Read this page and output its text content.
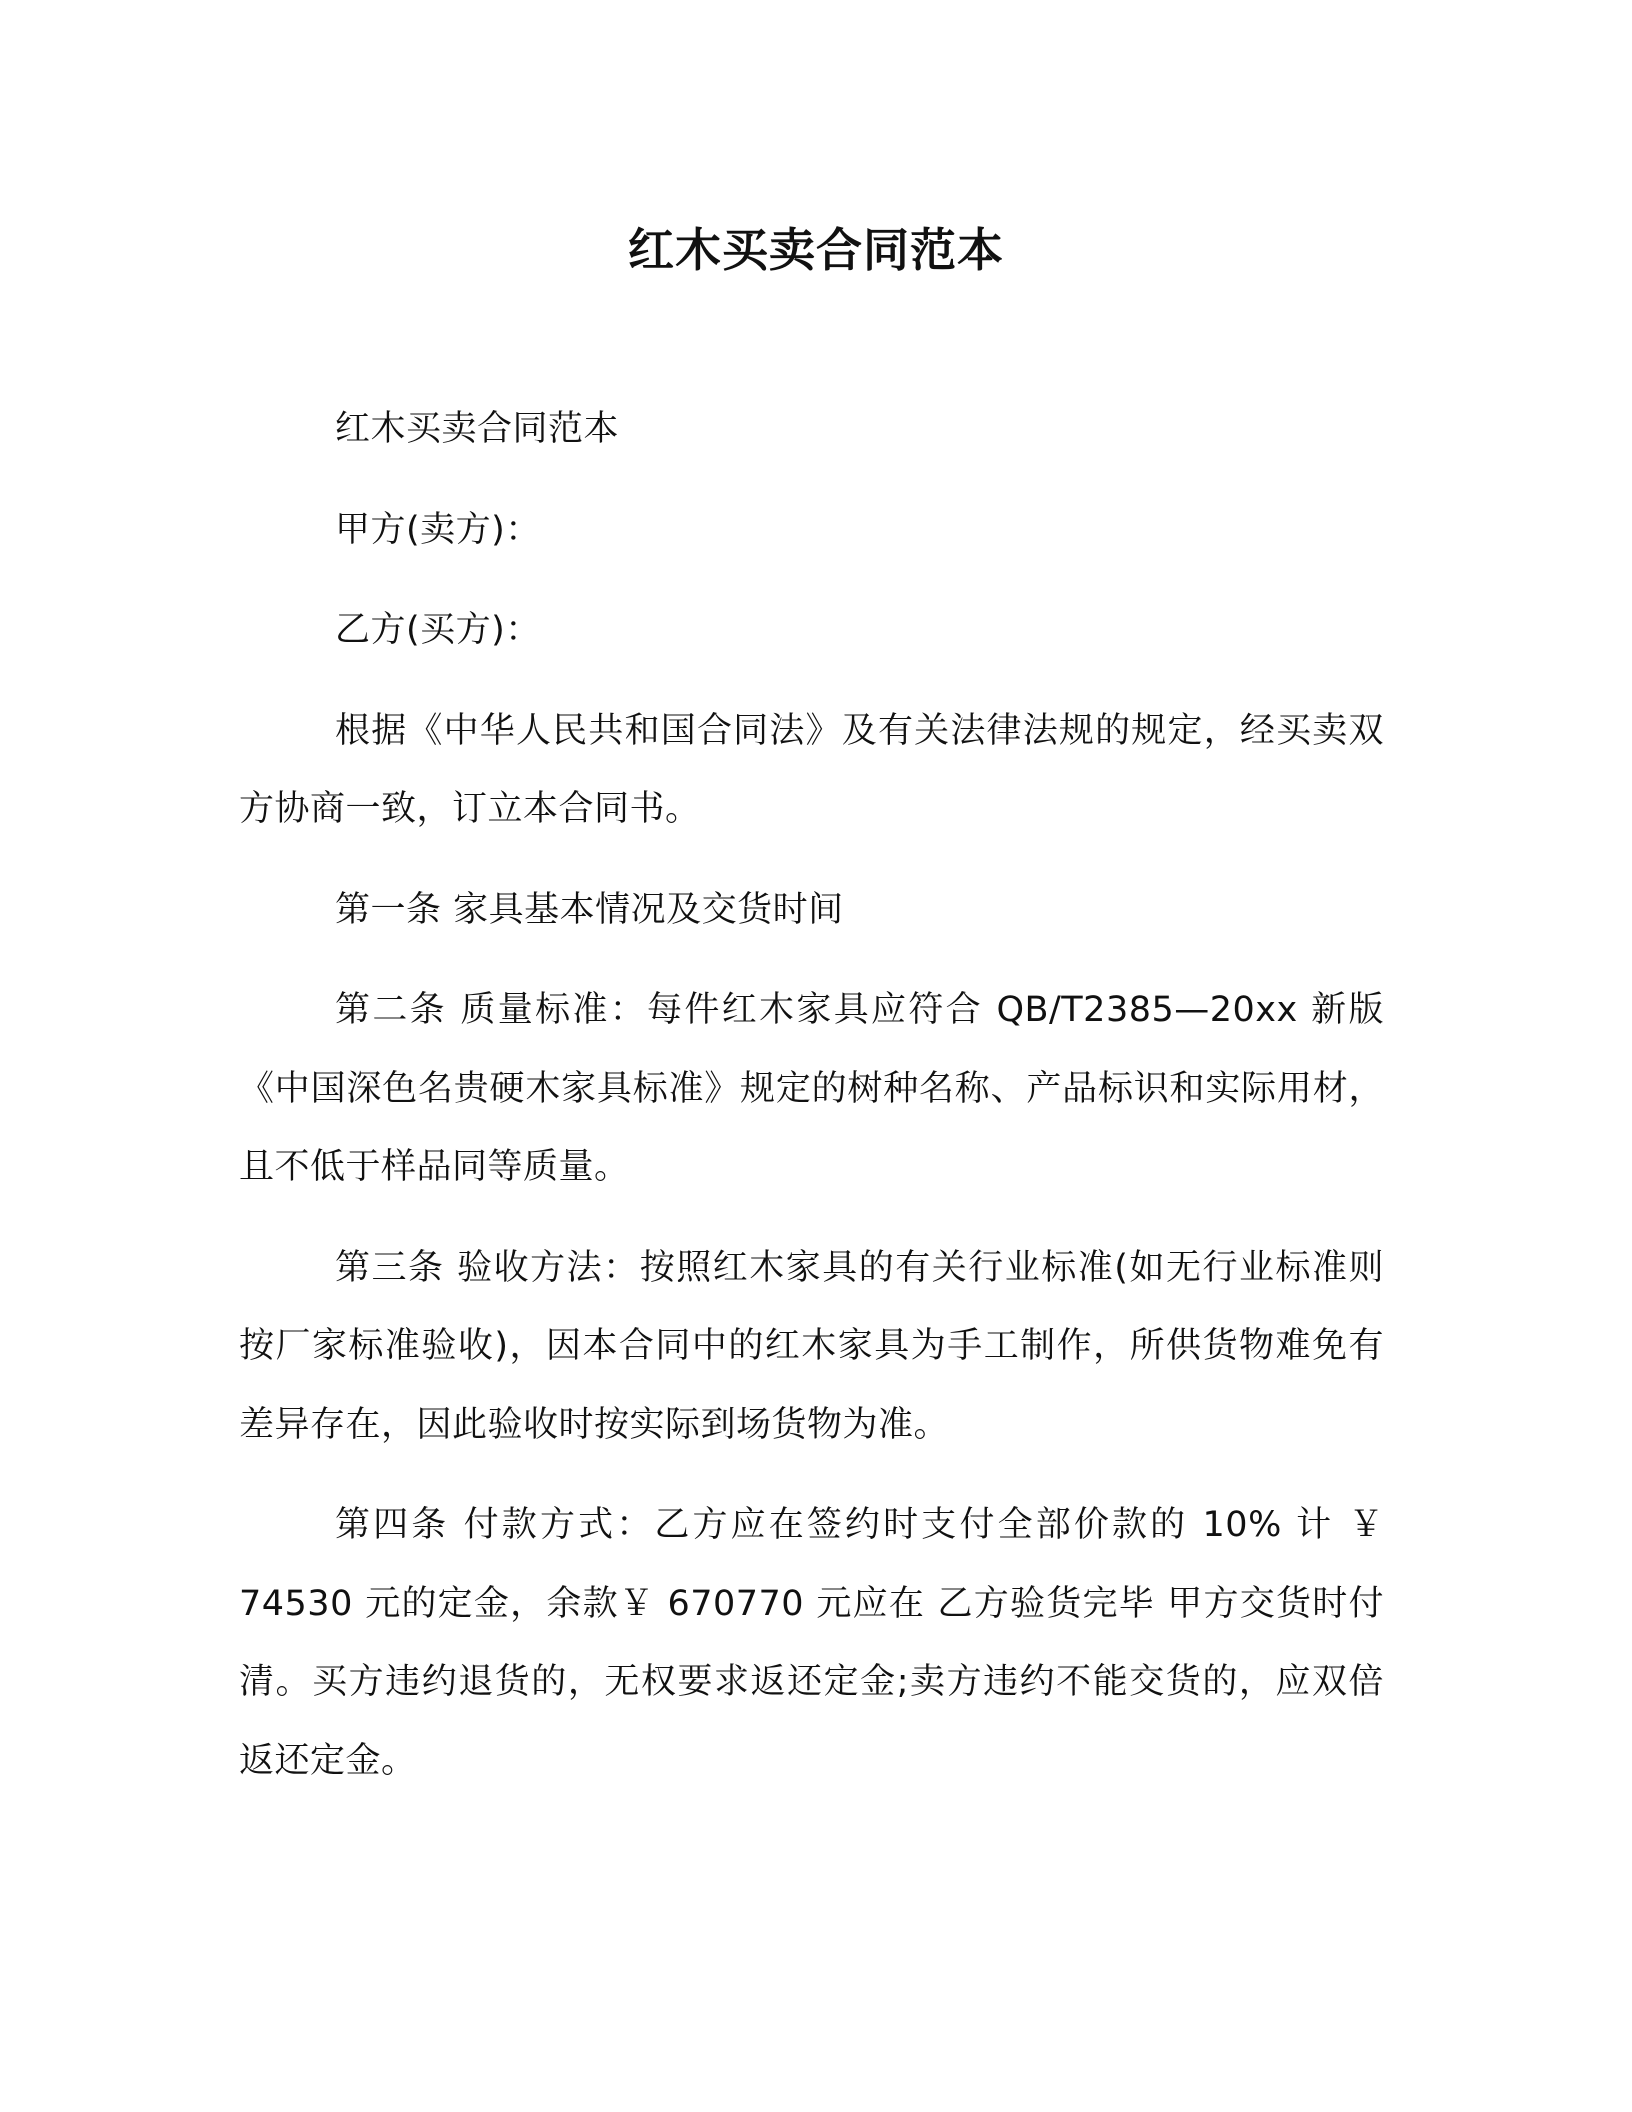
红木买卖合同范本

红木买卖合同范本

甲方(卖方)：

乙方(买方)：

根据《中华人民共和国合同法》及有关法律法规的规定，经买卖双方协商一致，订立本合同书。

第一条 家具基本情况及交货时间

第二条 质量标准：每件红木家具应符合 QB/T2385—20xx 新版《中国深色名贵硬木家具标准》规定的树种名称、产品标识和实际用材，且不低于样品同等质量。

第三条 验收方法：按照红木家具的有关行业标准(如无行业标准则按厂家标准验收)，因本合同中的红木家具为手工制作，所供货物难免有差异存在，因此验收时按实际到场货物为准。

第四条 付款方式：乙方应在签约时支付全部价款的 10% 计 ￥ 74530 元的定金，余款￥ 670770 元应在 乙方验货完毕 甲方交货时付清。买方违约退货的，无权要求返还定金;卖方违约不能交货的，应双倍返还定金。
